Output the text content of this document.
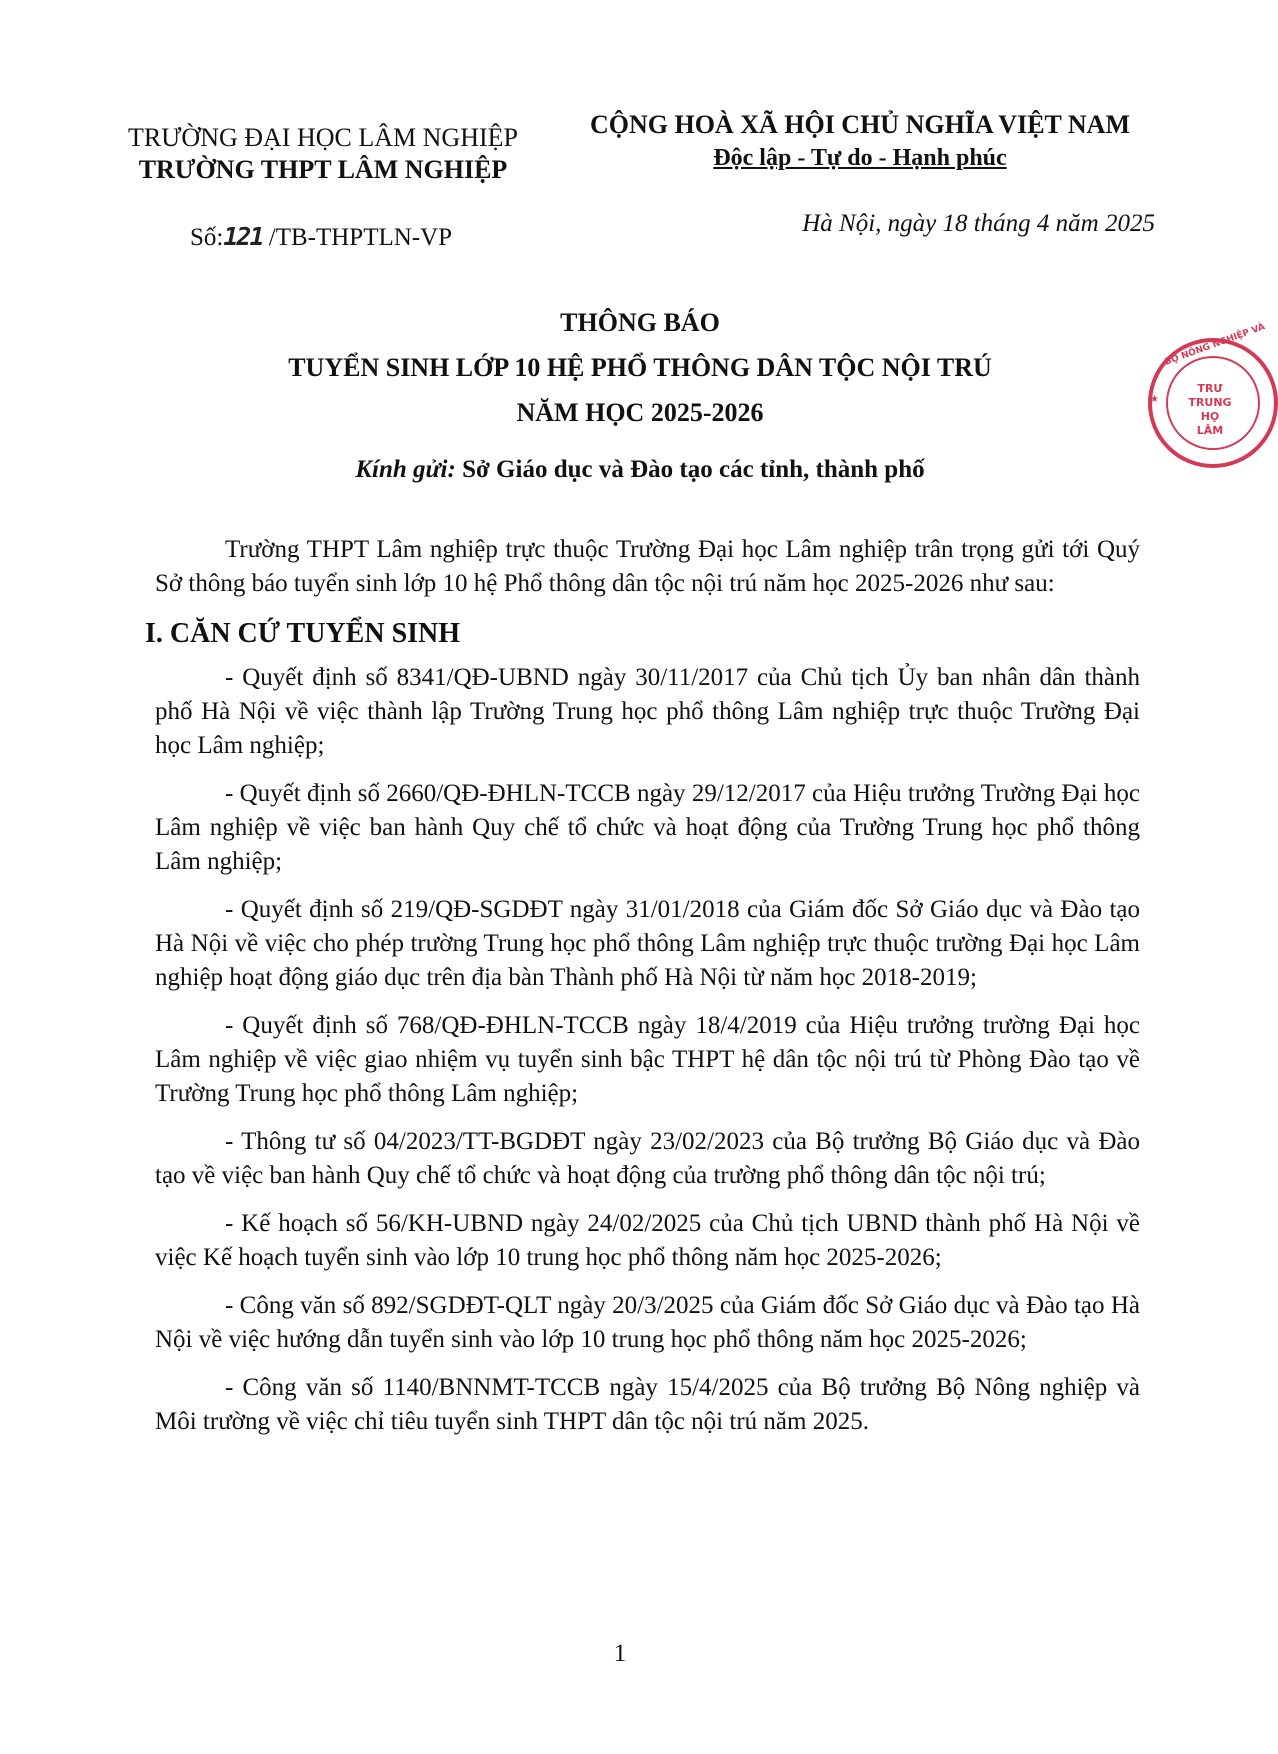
TRƯỜNG ĐẠI HỌC LÂM NGHIỆP
TRƯỜNG THPT LÂM NGHIỆP
CỘNG HOÀ XÃ HỘI CHỦ NGHĨA VIỆT NAM
Độc lập - Tự do - Hạnh phúc
Số:121 /TB-THPTLN-VP
Hà Nội, ngày 18 tháng 4 năm 2025
BỘ NÔNG NGHIỆP VÀ
★
TRƯ
TRUNG HỌ
LÂM
THÔNG BÁO
TUYỂN SINH LỚP 10 HỆ PHỔ THÔNG DÂN TỘC NỘI TRÚ
NĂM HỌC 2025-2026
Kính gửi: Sở Giáo dục và Đào tạo các tỉnh, thành phố

Trường THPT Lâm nghiệp trực thuộc Trường Đại học Lâm nghiệp trân trọng gửi tới Quý Sở thông báo tuyển sinh lớp 10 hệ Phổ thông dân tộc nội trú năm học 2025-2026 như sau:

I. CĂN CỨ TUYỂN SINH

- Quyết định số 8341/QĐ-UBND ngày 30/11/2017 của Chủ tịch Ủy ban nhân dân thành phố Hà Nội về việc thành lập Trường Trung học phổ thông Lâm nghiệp trực thuộc Trường Đại học Lâm nghiệp;

- Quyết định số 2660/QĐ-ĐHLN-TCCB ngày 29/12/2017 của Hiệu trưởng Trường Đại học Lâm nghiệp về việc ban hành Quy chế tổ chức và hoạt động của Trường Trung học phổ thông Lâm nghiệp;

- Quyết định số 219/QĐ-SGDĐT ngày 31/01/2018 của Giám đốc Sở Giáo dục và Đào tạo Hà Nội về việc cho phép trường Trung học phổ thông Lâm nghiệp trực thuộc trường Đại học Lâm nghiệp hoạt động giáo dục trên địa bàn Thành phố Hà Nội từ năm học 2018-2019;

- Quyết định số 768/QĐ-ĐHLN-TCCB ngày 18/4/2019 của Hiệu trưởng trường Đại học Lâm nghiệp về việc giao nhiệm vụ tuyển sinh bậc THPT hệ dân tộc nội trú từ Phòng Đào tạo về Trường Trung học phổ thông Lâm nghiệp;

- Thông tư số 04/2023/TT-BGDĐT ngày 23/02/2023 của Bộ trưởng Bộ Giáo dục và Đào tạo về việc ban hành Quy chế tổ chức và hoạt động của trường phổ thông dân tộc nội trú;

- Kế hoạch số 56/KH-UBND ngày 24/02/2025 của Chủ tịch UBND thành phố Hà Nội về việc Kế hoạch tuyển sinh vào lớp 10 trung học phổ thông năm học 2025-2026;

- Công văn số 892/SGDĐT-QLT ngày 20/3/2025 của Giám đốc Sở Giáo dục và Đào tạo Hà Nội về việc hướng dẫn tuyển sinh vào lớp 10 trung học phổ thông năm học 2025-2026;

- Công văn số 1140/BNNMT-TCCB ngày 15/4/2025 của Bộ trưởng Bộ Nông nghiệp và Môi trường về việc chỉ tiêu tuyển sinh THPT dân tộc nội trú năm 2025.

1
